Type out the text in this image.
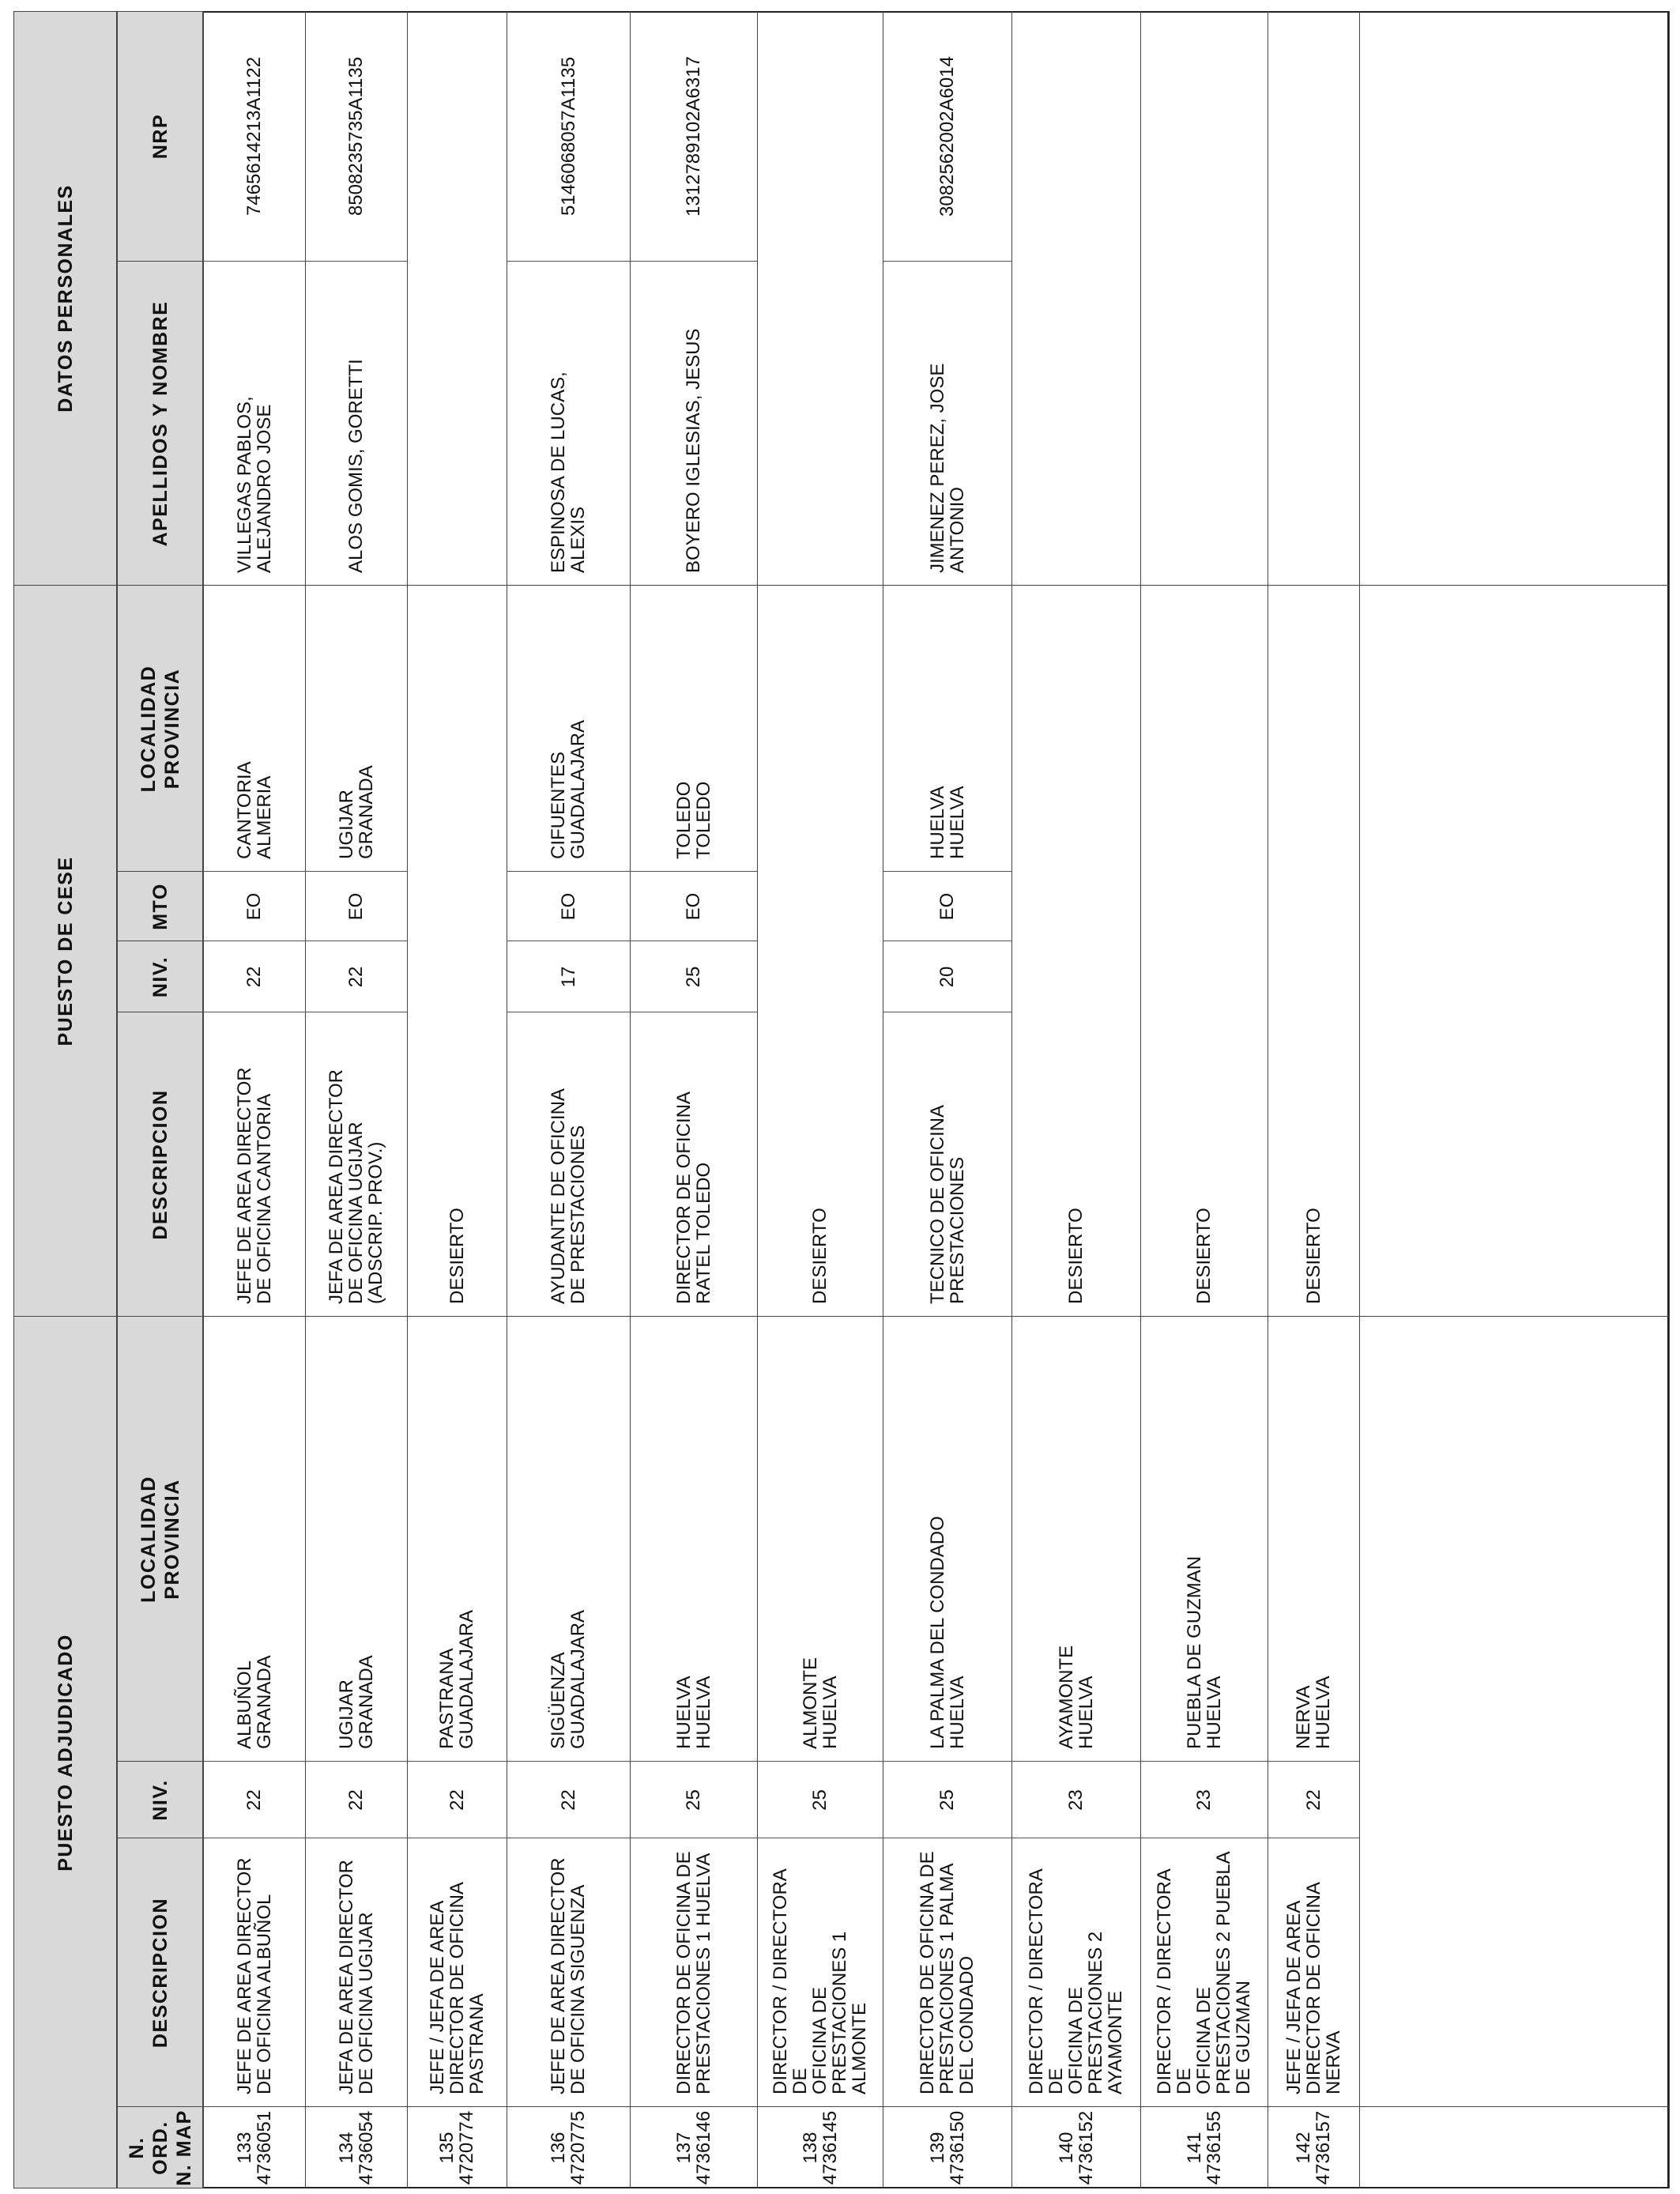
PUESTO ADJUDICADO
PUESTO DE CESE
DATOS PERSONALES
N. ORD.
N. MAP
DESCRIPCION
NIV.
LOCALIDAD
PROVINCIA
DESCRIPCION
NIV.
MTO
LOCALIDAD
PROVINCIA
APELLIDOS Y NOMBRE
NRP
133
4736051
JEFE DE AREA DIRECTOR
DE OFICINA ALBUÑOL
22
ALBUÑOL
GRANADA
JEFE DE AREA DIRECTOR
DE OFICINA CANTORIA
22
EO
CANTORIA
ALMERIA
VILLEGAS PABLOS,
ALEJANDRO JOSE
7465614213A1122
134
4736054
JEFA DE AREA DIRECTOR
DE OFICINA UGIJAR
22
UGIJAR
GRANADA
JEFA DE AREA DIRECTOR
DE OFICINA UGIJAR
(ADSCRIP. PROV.)
22
EO
UGIJAR
GRANADA
ALOS GOMIS, GORETTI
8508235735A1135
135
4720774
JEFE / JEFA DE AREA
DIRECTOR DE OFICINA
PASTRANA
22
PASTRANA
GUADALAJARA
DESIERTO
136
4720775
JEFE DE AREA DIRECTOR
DE OFICINA SIGUENZA
22
SIGÜENZA
GUADALAJARA
AYUDANTE DE OFICINA
DE PRESTACIONES
17
EO
CIFUENTES
GUADALAJARA
ESPINOSA DE LUCAS,
ALEXIS
5146068057A1135
137
4736146
DIRECTOR DE OFICINA DE
PRESTACIONES 1 HUELVA
25
HUELVA
HUELVA
DIRECTOR DE OFICINA
RATEL TOLEDO
25
EO
TOLEDO
TOLEDO
BOYERO IGLESIAS, JESUS
1312789102A6317
138
4736145
DIRECTOR / DIRECTORA DE
OFICINA DE
PRESTACIONES 1
ALMONTE
25
ALMONTE
HUELVA
DESIERTO
139
4736150
DIRECTOR DE OFICINA DE
PRESTACIONES 1 PALMA
DEL CONDADO
25
LA PALMA DEL CONDADO
HUELVA
TECNICO DE OFICINA
PRESTACIONES
20
EO
HUELVA
HUELVA
JIMENEZ PEREZ, JOSE
ANTONIO
3082562002A6014
140
4736152
DIRECTOR / DIRECTORA DE
OFICINA DE
PRESTACIONES 2
AYAMONTE
23
AYAMONTE
HUELVA
DESIERTO
141
4736155
DIRECTOR / DIRECTORA DE
OFICINA DE
PRESTACIONES 2 PUEBLA
DE GUZMAN
23
PUEBLA DE GUZMAN
HUELVA
DESIERTO
142
4736157
JEFE / JEFA DE AREA
DIRECTOR DE OFICINA
NERVA
22
NERVA
HUELVA
DESIERTO
